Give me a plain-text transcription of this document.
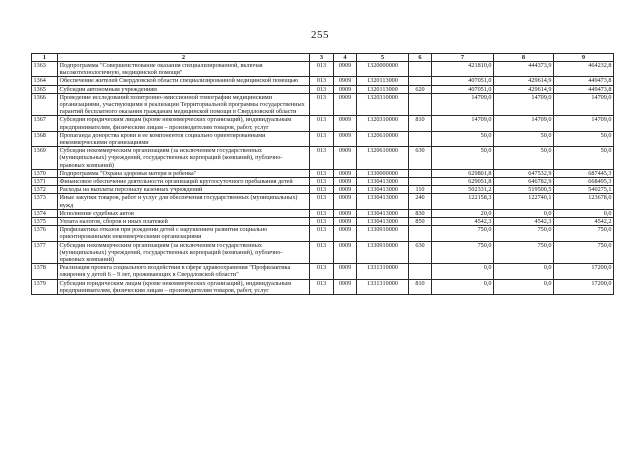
255
1	2	3	4	5	6	7	8	9
1363	Подпрограмма "Совершенствование оказания специализированной, включая высокотехнологичную, медицинской помощи"	013	0909	1320000000		421810,0	444373,9	464232,8
1364	Обеспечение жителей Свердловской области специализированной медицинской помощью	013	0909	1320113000		407051,0	429614,9	449473,8
1365	Субсидии автономным учреждениям	013	0909	1320113000	620	407051,0	429614,9	449473,8
1366	Проведение исследований позитронно-эмиссионной томографии медицинскими организациями, участвующими в реализации Территориальной программы государственных гарантий бесплатного оказания гражданам медицинской помощи в Свердловской области	013	0909	1320310000		14709,0	14709,0	14709,0
1367	Субсидии юридическим лицам (кроме некоммерческих организаций), индивидуальным предпринимателям, физическим лицам – производителям товаров, работ, услуг	013	0909	1320310000	810	14709,0	14709,0	14709,0
1368	Пропаганда донорства крови и ее компонентов социально ориентированными некоммерческими организациями	013	0909	1320610000		50,0	50,0	50,0
1369	Субсидии некоммерческим организациям (за исключением государственных (муниципальных) учреждений, государственных корпораций (компаний), публично-правовых компаний)	013	0909	1320610000	630	50,0	50,0	50,0
1370	Подпрограмма "Охрана здоровья матери и ребенка"	013	0909	1330000000		629801,8	647532,9	687445,3
1371	Финансовое обеспечение деятельности организаций круглосуточного пребывания детей	013	0909	1330413000		629051,8	646782,9	668495,3
1372	Расходы на выплаты персоналу казенных учреждений	013	0909	1330413000	110	502331,2	519500,5	540275,1
1373	Иные закупки товаров, работ и услуг для обеспечения государственных (муниципальных) нужд	013	0909	1330413000	240	122158,3	122740,1	123678,0
1374	Исполнение судебных актов	013	0909	1330413000	830	20,0	0,0	0,0
1375	Уплата налогов, сборов и иных платежей	013	0909	1330413000	850	4542,3	4542,3	4542,2
1376	Профилактика отказов при рождении детей с нарушением развития социально ориентированными некоммерческими организациями	013	0909	1330910000		750,0	750,0	750,0
1377	Субсидии некоммерческим организациям (за исключением государственных (муниципальных) учреждений, государственных корпораций (компаний), публично-правовых компаний)	013	0909	1330910000	630	750,0	750,0	750,0
1378	Реализация проекта социального воздействия в сфере здравоохранения "Профилактика ожирения у детей 6 – 9 лет, проживающих в Свердловской области"	013	0909	1331310000		0,0	0,0	17200,0
1379	Субсидии юридическим лицам (кроме некоммерческих организаций), индивидуальным предпринимателям, физическим лицам – производителям товаров, работ, услуг	013	0909	1331310000	810	0,0	0,0	17200,0
